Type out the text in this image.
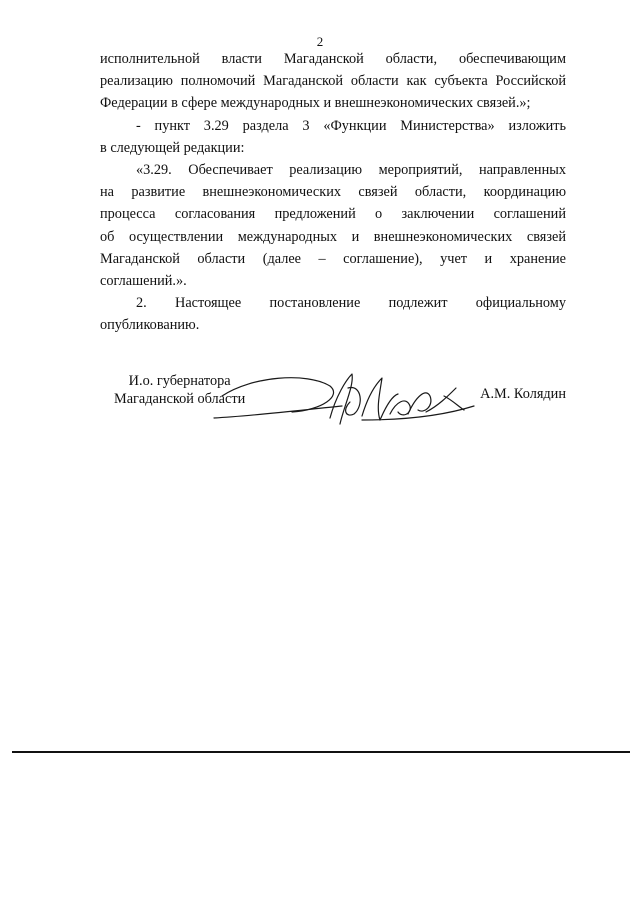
2

исполнительной власти Магаданской области, обеспечивающим

реализацию полномочий Магаданской области как субъекта Российской

Федерации в сфере международных и внешнеэкономических связей.»;

- пункт 3.29 раздела 3 «Функции Министерства» изложить

в следующей редакции:

«3.29. Обеспечивает реализацию мероприятий, направленных

на развитие внешнеэкономических связей области, координацию

процесса согласования предложений о заключении соглашений

об осуществлении международных и внешнеэкономических связей

Магаданской области (далее – соглашение), учет и хранение

соглашений.».

2. Настоящее постановление подлежит официальному

опубликованию.

И.о. губернатора
Магаданской области	А.М. Колядин
